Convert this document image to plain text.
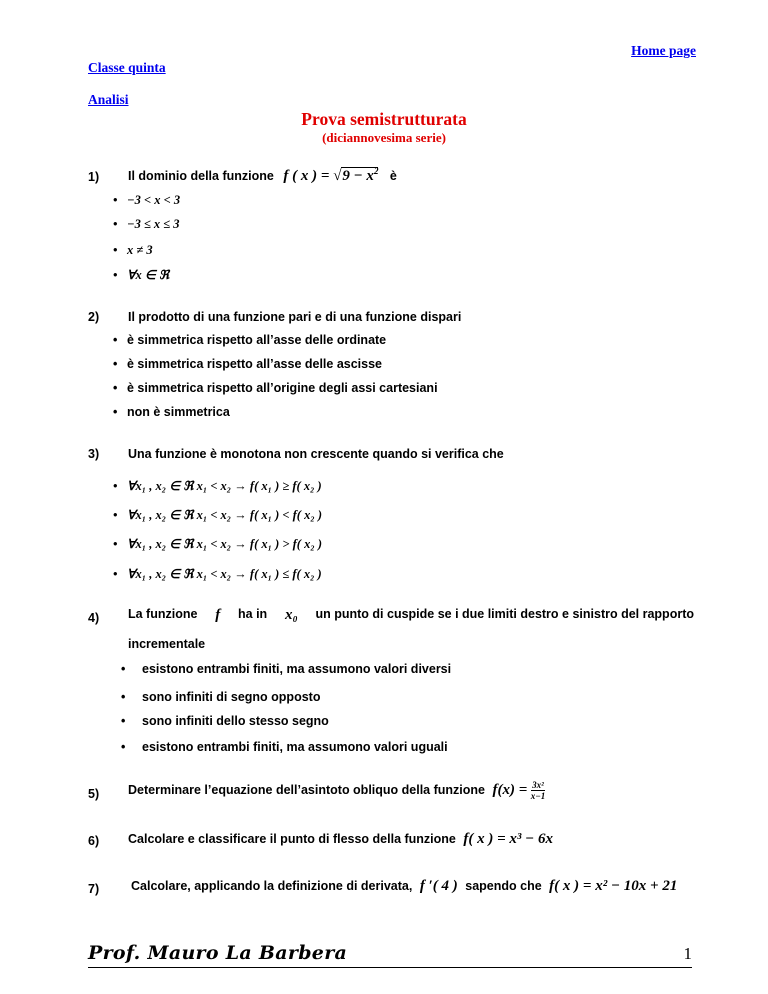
Home page
Classe quinta
Analisi
Prova semistrutturata
(diciannovesima serie)
1) Il dominio della funzione f ( x ) = $√9 - x^2$ è
• −3 < x < 3
• −3 ≤ x ≤ 3
• x ≠ 3
• ∀x ∈ ℜ
2) Il prodotto di una funzione pari e di una funzione dispari
• è simmetrica rispetto all’asse delle ordinate
• è simmetrica rispetto all’asse delle ascisse
• è simmetrica rispetto all’origine degli assi cartesiani
• non è simmetrica
3) Una funzione è monotona non crescente quando si verifica che
• ∀x₁ , x₂ ∈ ℜ x₁ < x₂ → f( x₁ ) ≥ f( x₂ )
• ∀x₁ , x₂ ∈ ℜ x₁ < x₂ → f( x₁ ) < f( x₂ )
• ∀x₁ , x₂ ∈ ℜ x₁ < x₂ → f( x₁ ) > f( x₂ )
• ∀x₁ , x₂ ∈ ℜ x₁ < x₂ → f( x₁ ) ≤ f( x₂ )
4) La funzione f ha in x₀ un punto di cuspide se i due limiti destro e sinistro del rapporto
incrementale
• esistono entrambi finiti, ma assumono valori diversi
• sono infiniti di segno opposto
• sono infiniti dello stesso segno
• esistono entrambi finiti, ma assumono valori uguali
5) Determinare l’equazione dell’asintoto obliquo della funzione $f(x) = \frac{\text{3x²}}{x-1}$
6) Calcolare e classificare il punto di flesso della funzione f( x ) = x³ − 6x
7)	Calcolare, applicando la definizione di derivata, f ′( 4 ) sapendo che f( x ) = x² − 10x + 21
Prof. Mauro La Barbera	1
